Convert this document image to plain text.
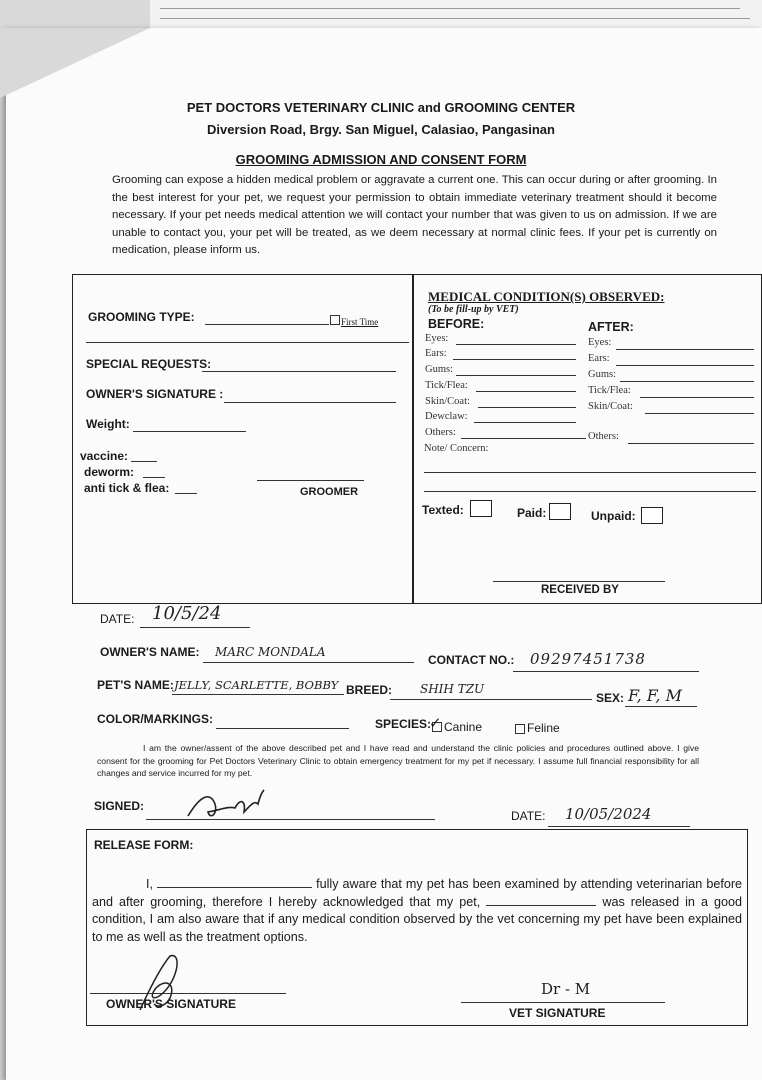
PET DOCTORS VETERINARY CLINIC and GROOMING CENTER
Diversion Road, Brgy. San Miguel, Calasiao, Pangasinan
GROOMING ADMISSION AND CONSENT FORM
Grooming can expose a hidden medical problem or aggravate a current one. This can occur during or after grooming. In the best interest for your pet, we request your permission to obtain immediate veterinary treatment should it become necessary. If your pet needs medical attention we will contact your number that was given to us on admission. If we are unable to contact you, your pet will be treated, as we deem necessary at normal clinic fees. If your pet is currently on medication, please inform us.
GROOMING TYPE:	First Time
SPECIAL REQUESTS:
OWNER'S SIGNATURE :
Weight:
vaccine:
deworm:
anti tick & flea:	GROOMER
MEDICAL CONDITION(S) OBSERVED:
(To be fill-up by VET)
BEFORE:	AFTER:
Eyes:
Ears:
Gums:
Tick/Flea:
Skin/Coat:
Dewclaw:
Others:
Eyes:
Ears:
Gums:
Tick/Flea:
Skin/Coat:
Others:
Note/ Concern:
Texted:	Paid:	Unpaid:
RECEIVED BY
DATE: 10/5/24
OWNER'S NAME: MARC MONDALA
CONTACT NO.: 09297451738
PET'S NAME: JELLY, SCARLETTE, BOBBY BREED: SHIH TZU
SEX: F, F, M
COLOR/MARKINGS:	SPECIES:
✓ Canine	Feline
I am the owner/assent of the above described pet and I have read and understand the clinic policies and procedures outlined above. I give consent for the grooming for Pet Doctors Veterinary Clinic to obtain emergency treatment for my pet if necessary. I assume full financial responsibility for all changes and service incurred for my pet.
SIGNED:
DATE: 10/05/2024
RELEASE FORM:
I,	fully aware that my pet has been examined by attending veterinarian before and after grooming, therefore I hereby acknowledged that my pet,	was released in a good condition, I am also aware that if any medical condition observed by the vet concerning my pet have been explained to me as well as the treatment options.
OWNER'S SIGNATURE
Dr - M
VET SIGNATURE
